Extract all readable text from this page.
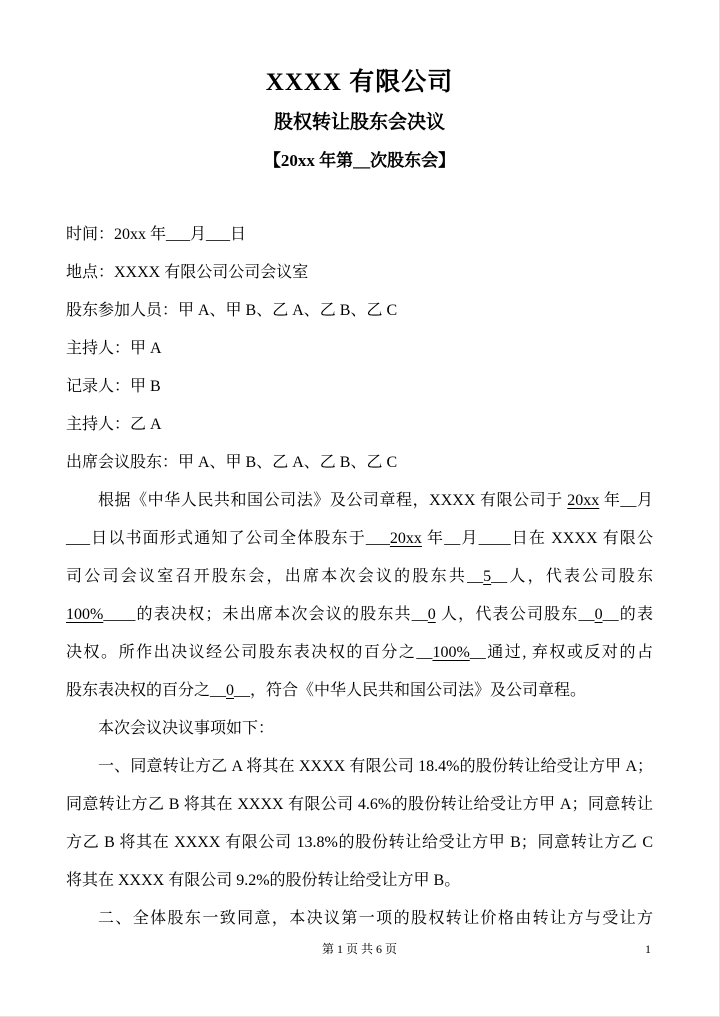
XXXX 有限公司
股权转让股东会决议
【20xx 年第__次股东会】
时间：20xx 年___月___日
地点：XXXX 有限公司公司会议室
股东参加人员：甲 A、甲 B、乙 A、乙 B、乙 C
主持人：甲 A
记录人：甲 B
主持人：乙 A
出席会议股东：甲 A、甲 B、乙 A、乙 B、乙 C
根据《中华人民共和国公司法》及公司章程，XXXX 有限公司于 20xx 年__月
___日以书面形式通知了公司全体股东于___20xx 年__月____日在 XXXX 有限公
司公司会议室召开股东会，出席本次会议的股东共__5__人，代表公司股东
100%____的表决权；未出席本次会议的股东共__0 人，代表公司股东__0__的表
决权。所作出决议经公司股东表决权的百分之__100%__通过, 弃权或反对的占
股东表决权的百分之__0__，符合《中华人民共和国公司法》及公司章程。
本次会议决议事项如下：
一、同意转让方乙 A 将其在 XXXX 有限公司 18.4%的股份转让给受让方甲 A；
同意转让方乙 B 将其在 XXXX 有限公司 4.6%的股份转让给受让方甲 A；同意转让
方乙 B 将其在 XXXX 有限公司 13.8%的股份转让给受让方甲 B；同意转让方乙 C
将其在 XXXX 有限公司 9.2%的股份转让给受让方甲 B。
二、全体股东一致同意，本决议第一项的股权转让价格由转让方与受让方
第 1 页 共 6 页	1
